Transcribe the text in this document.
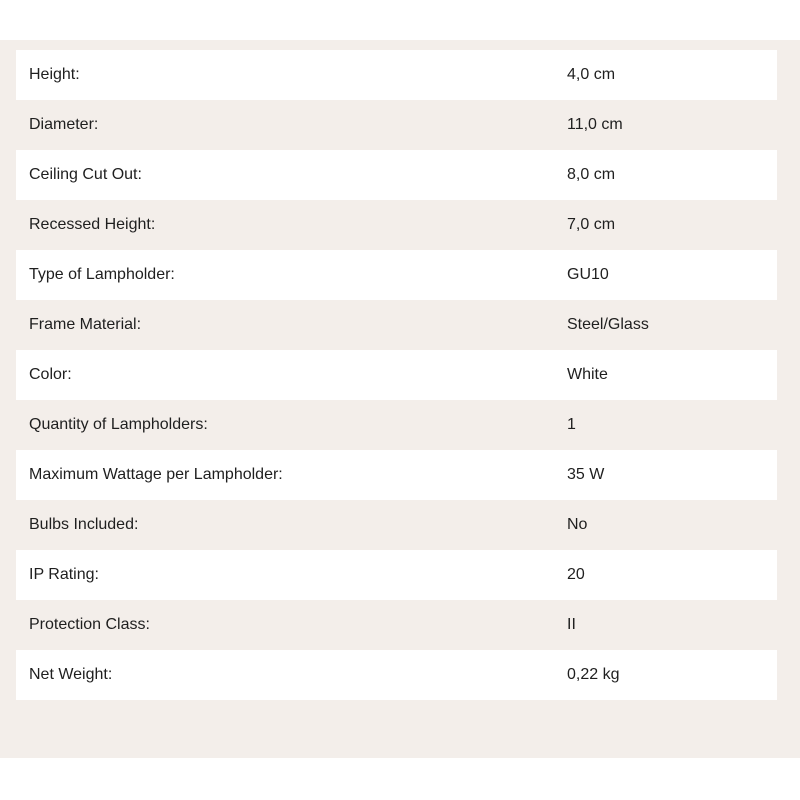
Height:	4,0 cm
Diameter:	11,0 cm
Ceiling Cut Out:	8,0 cm
Recessed Height:	7,0 cm
Type of Lampholder:	GU10
Frame Material:	Steel/Glass
Color:	White
Quantity of Lampholders:	1
Maximum Wattage per Lampholder:	35 W
Bulbs Included:	No
IP Rating:	20
Protection Class:	II
Net Weight:	0,22 kg
